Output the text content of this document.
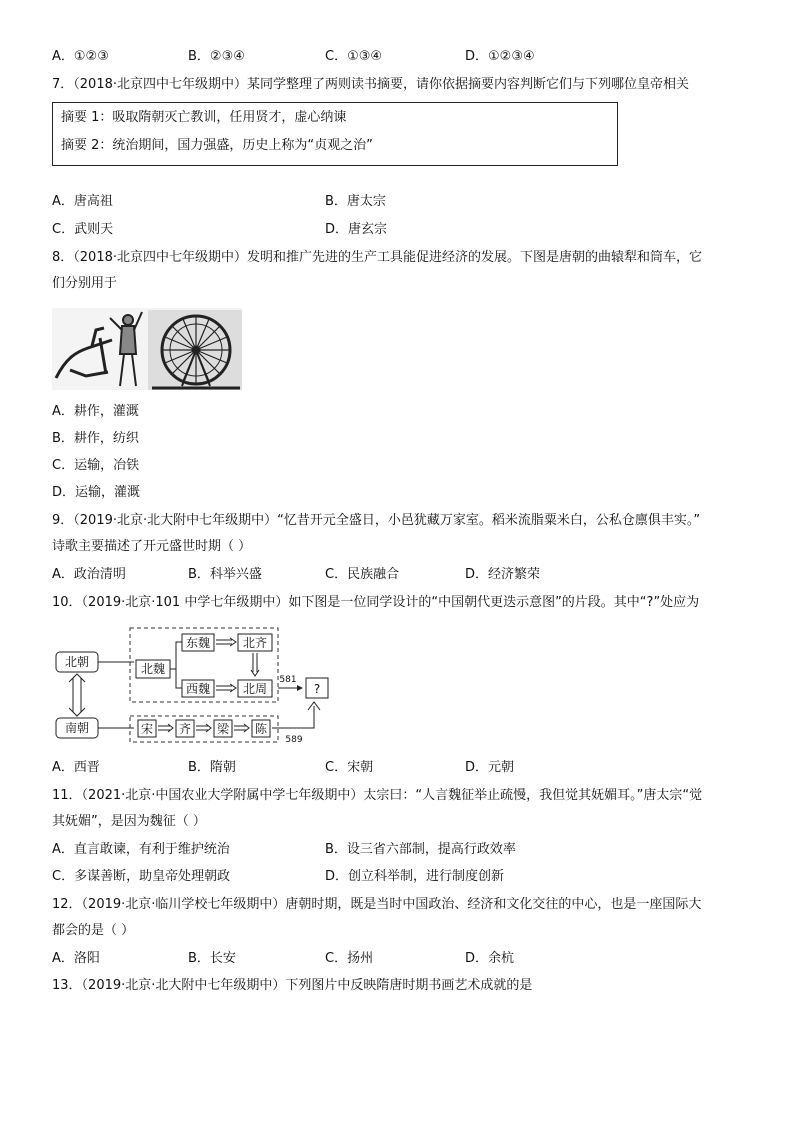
A．①②③	B．②③④	C．①③④	D．①②③④
7．（2018·北京四中七年级期中）某同学整理了两则读书摘要，请你依据摘要内容判断它们与下列哪位皇帝相关
摘要 1：吸取隋朝灭亡教训，任用贤才，虚心纳谏
摘要 2：统治期间，国力强盛，历史上称为“贞观之治”
A．唐高祖	B．唐太宗
C．武则天	D．唐玄宗
8．（2018·北京四中七年级期中）发明和推广先进的生产工具能促进经济的发展。下图是唐朝的曲辕犁和筒车，它
们分别用于
A．耕作，灌溉
B．耕作，纺织
C．运输，冶铁
D．运输，灌溉
9．（2019·北京·北大附中七年级期中）“忆昔开元全盛日，小邑犹藏万家室。稻米流脂粟米白，公私仓廪俱丰实。”
诗歌主要描述了开元盛世时期（ ）
A．政治清明	B．科举兴盛	C．民族融合	D．经济繁荣
10．（2019·北京·101 中学七年级期中）如下图是一位同学设计的“中国朝代更迭示意图”的片段。其中“?”处应为
北朝
南朝
北魏
东魏
西魏
北齐
北周
581
?
宋 齐 梁 陈
589
A．西晋	B．隋朝	C．宋朝	D．元朝
11．（2021·北京·中国农业大学附属中学七年级期中）太宗曰：“人言魏征举止疏慢，我但觉其妩媚耳。”唐太宗“觉
其妩媚”，是因为魏征（ ）
A．直言敢谏，有利于维护统治	B．设三省六部制，提高行政效率
C．多谋善断，助皇帝处理朝政	D．创立科举制，进行制度创新
12．（2019·北京·临川学校七年级期中）唐朝时期，既是当时中国政治、经济和文化交往的中心，也是一座国际大
都会的是（ ）
A．洛阳	B．长安	C．扬州	D．余杭
13．（2019·北京·北大附中七年级期中）下列图片中反映隋唐时期书画艺术成就的是
